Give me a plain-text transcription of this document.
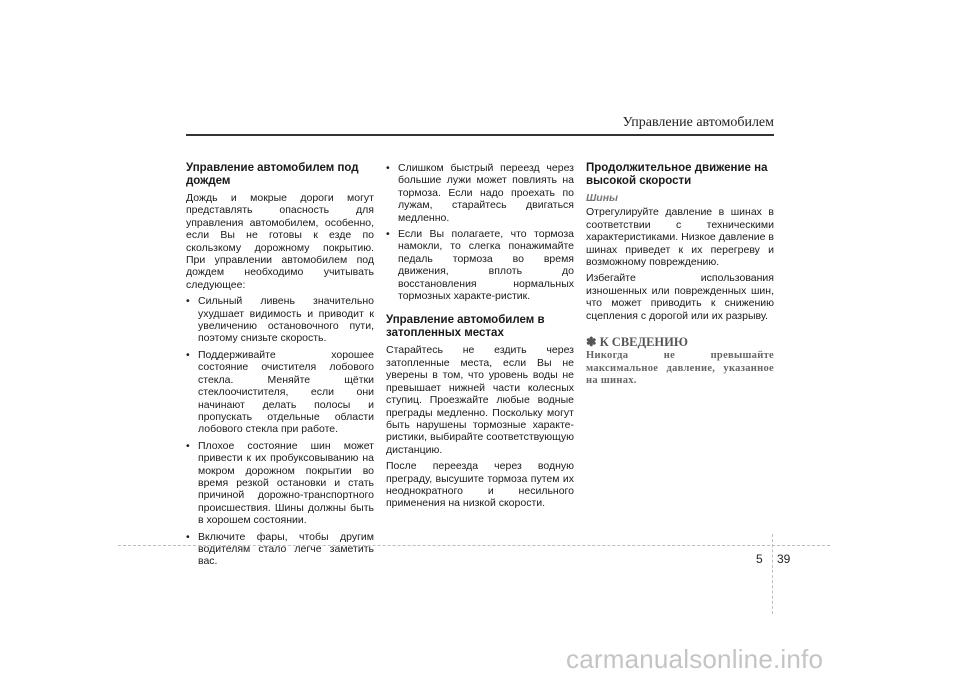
Управление автомобилем
Управление автомобилем под дождем

Дождь и мокрые дороги могут представлять опасность для управления автомобилем, особенно, если Вы не готовы к езде по скользкому дорожному покрытию. При управлении автомобилем под дождем необходимо учитывать следующее:

• Сильный ливень значительно ухудшает видимость и приводит к увеличению остановочного пути, поэтому снизьте скорость.
• Поддерживайте хорошее состояние очистителя лобового стекла. Меняйте щётки стеклоочистителя, если они начинают делать полосы и пропускать отдельные области лобового стекла при работе.
• Плохое состояние шин может привести к их пробуксовыванию на мокром дорожном покрытии во время резкой остановки и стать причиной дорожно-транспортного происшествия. Шины должны быть в хорошем состоянии.
• Включите фары, чтобы другим водителям стало легче заметить вас.
• Слишком быстрый переезд через большие лужи может повлиять на тормоза. Если надо проехать по лужам, старайтесь двигаться медленно.
• Если Вы полагаете, что тормоза намокли, то слегка понажимайте педаль тормоза во время движения, вплоть до восстановления нормальных тормозных характе-ристик.
Управление автомобилем в затопленных местах

Старайтесь не ездить через затопленные места, если Вы не уверены в том, что уровень воды не превышает нижней части колесных ступиц. Проезжайте любые водные преграды медленно. Поскольку могут быть нарушены тормозные характе-ристики, выбирайте соответствующую дистанцию.

После переезда через водную преграду, высушите тормоза путем их неоднократного и несильного применения на низкой скорости.

Продолжительное движение на высокой скорости
Шины

Отрегулируйте давление в шинах в соответствии с техническими характеристиками. Низкое давление в шинах приведет к их перегреву и возможному повреждению.

Избегайте использования изношенных или поврежденных шин, что может приводить к снижению сцепления с дорогой или их разрыву.

✽ К СВЕДЕНИЮ

Никогда не превышайте максимальное давление, указанное на шинах.

5 39
carmanualsonline.info
